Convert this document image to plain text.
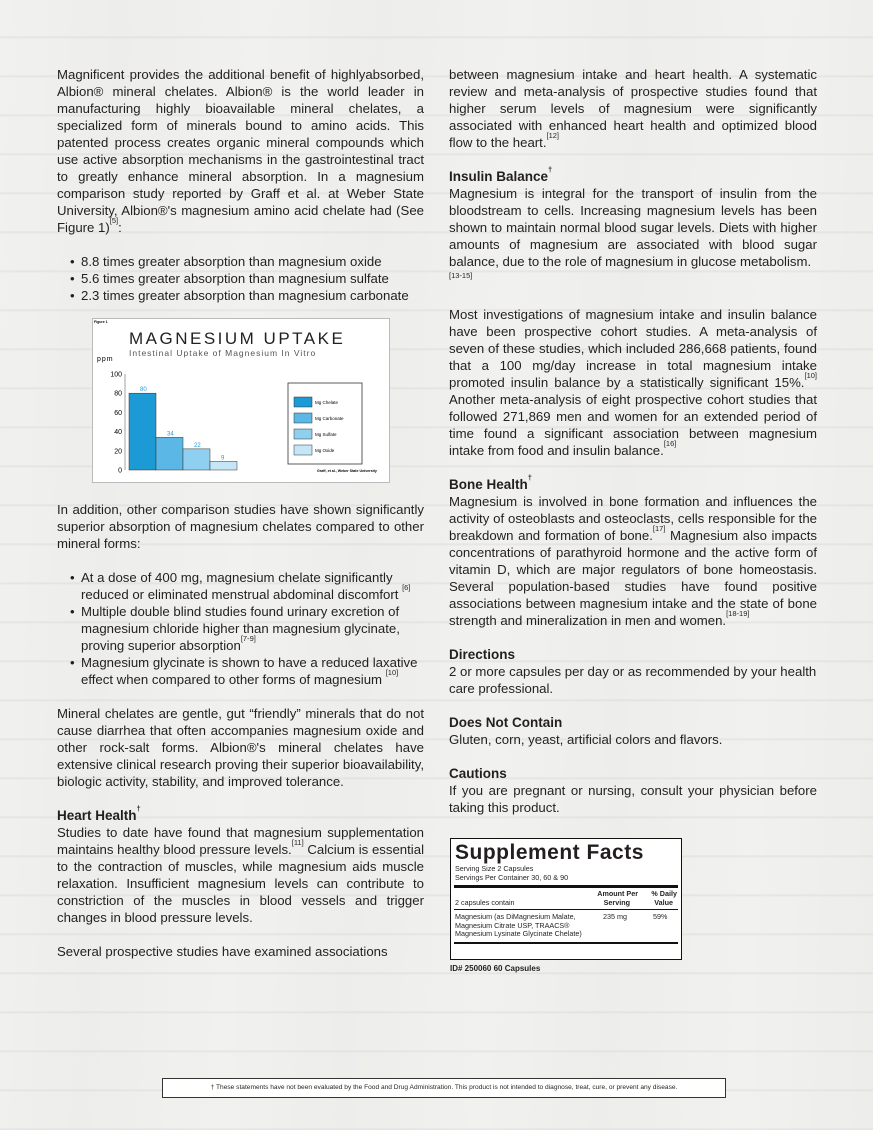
Magnificent provides the additional benefit of highlyabsorbed, Albion® mineral chelates. Albion® is the world leader in manufacturing highly bioavailable mineral chelates, a specialized form of minerals bound to amino acids. This patented process creates organic mineral compounds which use active absorption mechanisms in the gastrointestinal tract to greatly enhance mineral absorption. In a magnesium comparison study reported by Graff et al. at Weber State University, Albion®'s magnesium amino acid chelate had (See Figure 1)[5]:

• 8.8 times greater absorption than magnesium oxide
• 5.6 times greater absorption than magnesium sulfate
• 2.3 times greater absorption than magnesium carbonate

In addition, other comparison studies have shown significantly superior absorption of magnesium chelates compared to other mineral forms:

• At a dose of 400 mg, magnesium chelate significantly reduced or eliminated menstrual abdominal discomfort [6]
• Multiple double blind studies found urinary excretion of magnesium chloride higher than magnesium glycinate, proving superior absorption[7-9]
• Magnesium glycinate is shown to have a reduced laxative effect when compared to other forms of magnesium [10]

Mineral chelates are gentle, gut “friendly” minerals that do not cause diarrhea that often accompanies magnesium oxide and other rock-salt forms. Albion®'s mineral chelates have extensive clinical research proving their superior bioavailability, biologic activity, stability, and improved tolerance.

Heart Health†

Studies to date have found that magnesium supplementation maintains healthy blood pressure levels.[11] Calcium is essential to the contraction of muscles, while magnesium aids muscle relaxation. Insufficient magnesium levels can contribute to constriction of the muscles in blood vessels and trigger changes in blood pressure levels.

Several prospective studies have examined associations

Figure 1
MAGNESIUM UPTAKE
Intestinal Uptake of Magnesium In Vitro
ppm
0
20
40
60
80
100
80
34
22
9
Mg Chelate
Mg Carbonate
Mg Sulfate
Mg Oxide
Graff, et al., Weber State University

between magnesium intake and heart health. A systematic review and meta-analysis of prospective studies found that higher serum levels of magnesium were significantly associated with enhanced heart health and optimized blood flow to the heart.[12]

Insulin Balance†

Magnesium is integral for the transport of insulin from the bloodstream to cells. Increasing magnesium levels has been shown to maintain normal blood sugar levels. Diets with higher amounts of magnesium are associated with blood sugar balance, due to the role of magnesium in glucose metabolism.
[13-15]

Most investigations of magnesium intake and insulin balance have been prospective cohort studies. A meta-analysis of seven of these studies, which included 286,668 patients, found that a 100 mg/day increase in total magnesium intake promoted insulin balance by a statistically significant 15%.[10] Another meta-analysis of eight prospective cohort studies that followed 271,869 men and women for an extended period of time found a significant association between magnesium intake from food and insulin balance.[16]

Bone Health†

Magnesium is involved in bone formation and influences the activity of osteoblasts and osteoclasts, cells responsible for the breakdown and formation of bone.[17] Magnesium also impacts concentrations of parathyroid hormone and the active form of vitamin D, which are major regulators of bone homeostasis. Several population-based studies have found positive associations between magnesium intake and the state of bone strength and mineralization in men and women.[18-19]

Directions

2 or more capsules per day or as recommended by your health care professional.

Does Not Contain

Gluten, corn, yeast, artificial colors and flavors.

Cautions

If you are pregnant or nursing, consult your physician before taking this product.

Supplement Facts
Serving Size 2 Capsules
Servings Per Container 30, 60 & 90
2 capsules contain
Amount Per
Serving
% Daily
Value
Magnesium (as DiMagnesium Malate,
Magnesium Citrate USP, TRAACS®
Magnesium Lysinate Glycinate Chelate)
235 mg	59%
ID# 250060 60 Capsules
† These statements have not been evaluated by the Food and Drug Administration. This product is not intended to diagnose, treat, cure, or prevent any disease.
